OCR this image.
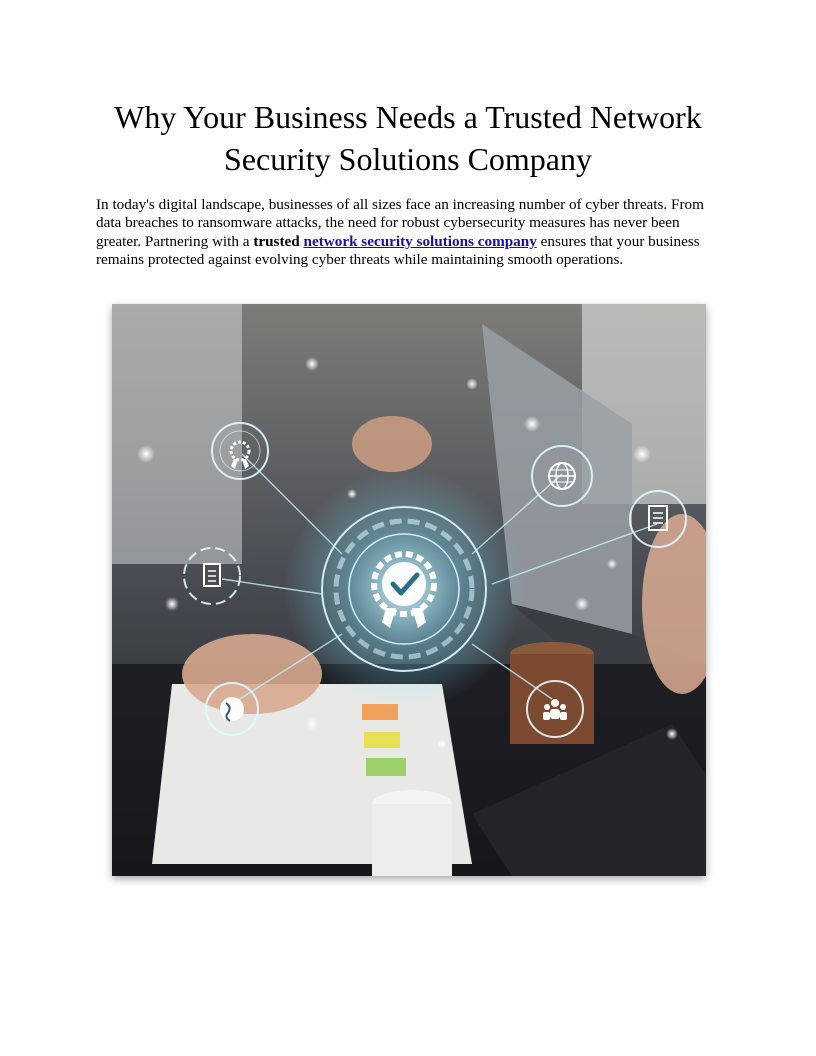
Why Your Business Needs a Trusted Network Security Solutions Company

In today's digital landscape, businesses of all sizes face an increasing number of cyber threats. From data breaches to ransomware attacks, the need for robust cybersecurity measures has never been greater. Partnering with a trusted network security solutions company ensures that your business remains protected against evolving cyber threats while maintaining smooth operations.
